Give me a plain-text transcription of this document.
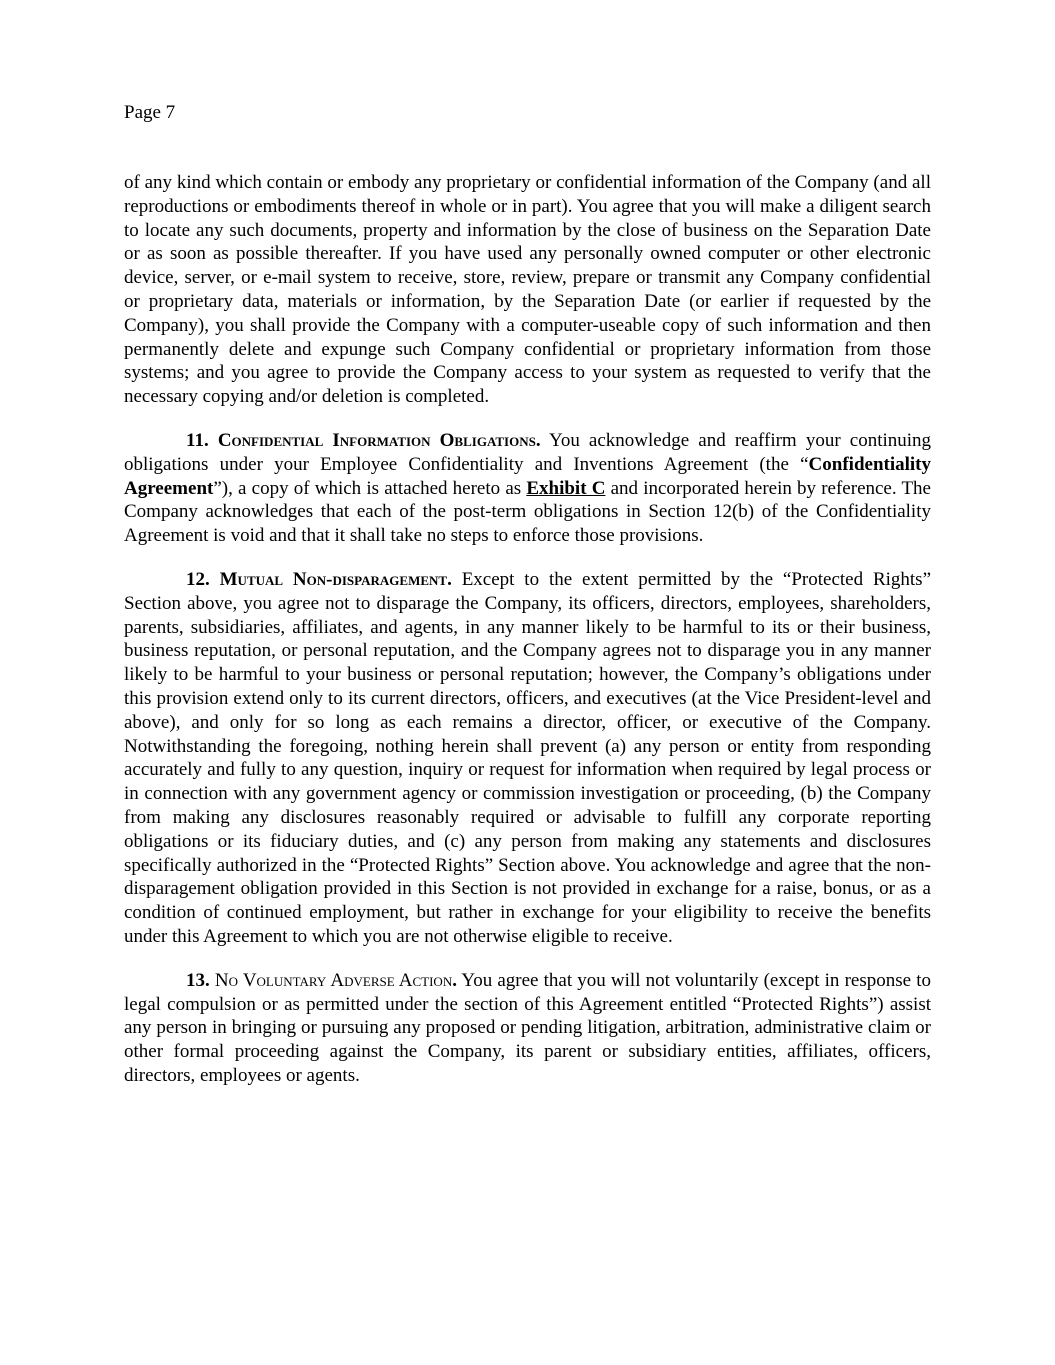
Page 7

of any kind which contain or embody any proprietary or confidential information of the Company (and all reproductions or embodiments thereof in whole or in part). You agree that you will make a diligent search to locate any such documents, property and information by the close of business on the Separation Date or as soon as possible thereafter. If you have used any personally owned computer or other electronic device, server, or e-mail system to receive, store, review, prepare or transmit any Company confidential or proprietary data, materials or information, by the Separation Date (or earlier if requested by the Company), you shall provide the Company with a computer-useable copy of such information and then permanently delete and expunge such Company confidential or proprietary information from those systems; and you agree to provide the Company access to your system as requested to verify that the necessary copying and/or deletion is completed.

11. Confidential Information Obligations. You acknowledge and reaffirm your continuing obligations under your Employee Confidentiality and Inventions Agreement (the “Confidentiality Agreement”), a copy of which is attached hereto as Exhibit C and incorporated herein by reference. The Company acknowledges that each of the post-term obligations in Section 12(b) of the Confidentiality Agreement is void and that it shall take no steps to enforce those provisions.

12. Mutual Non-disparagement. Except to the extent permitted by the “Protected Rights” Section above, you agree not to disparage the Company, its officers, directors, employees, shareholders, parents, subsidiaries, affiliates, and agents, in any manner likely to be harmful to its or their business, business reputation, or personal reputation, and the Company agrees not to disparage you in any manner likely to be harmful to your business or personal reputation; however, the Company’s obligations under this provision extend only to its current directors, officers, and executives (at the Vice President-level and above), and only for so long as each remains a director, officer, or executive of the Company. Notwithstanding the foregoing, nothing herein shall prevent (a) any person or entity from responding accurately and fully to any question, inquiry or request for information when required by legal process or in connection with any government agency or commission investigation or proceeding, (b) the Company from making any disclosures reasonably required or advisable to fulfill any corporate reporting obligations or its fiduciary duties, and (c) any person from making any statements and disclosures specifically authorized in the “Protected Rights” Section above. You acknowledge and agree that the non-disparagement obligation provided in this Section is not provided in exchange for a raise, bonus, or as a condition of continued employment, but rather in exchange for your eligibility to receive the benefits under this Agreement to which you are not otherwise eligible to receive.

13. No Voluntary Adverse Action. You agree that you will not voluntarily (except in response to legal compulsion or as permitted under the section of this Agreement entitled “Protected Rights”) assist any person in bringing or pursuing any proposed or pending litigation, arbitration, administrative claim or other formal proceeding against the Company, its parent or subsidiary entities, affiliates, officers, directors, employees or agents.
